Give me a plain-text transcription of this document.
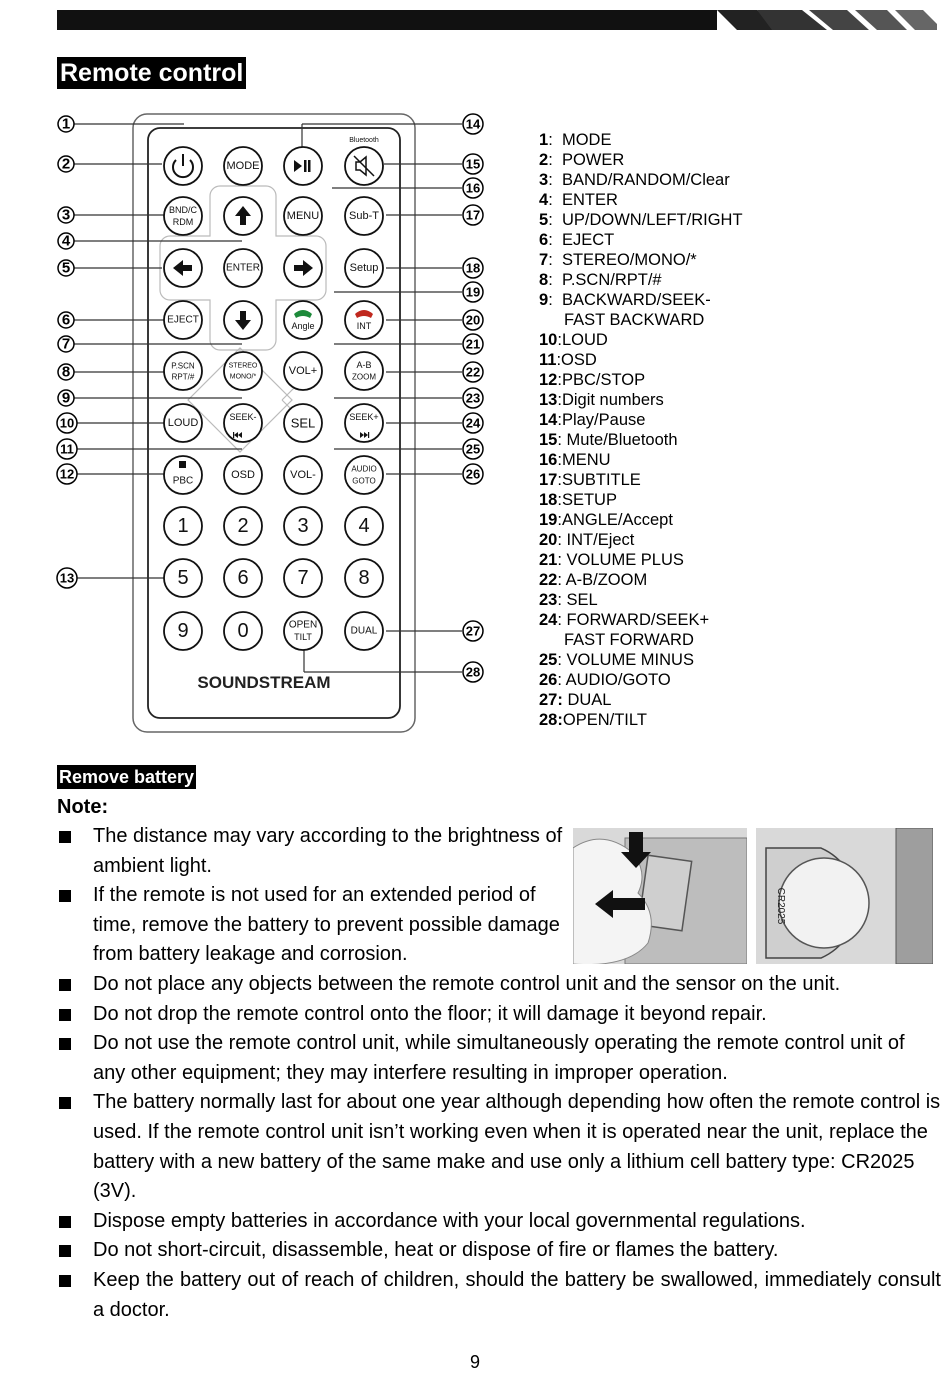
Remote control
1
2
3
4
5
6
7
8
9
10
11
12
13
14
15
16
17
18
19
20
21
22
23
24
25
26
27
28
Bluetooth
MODE
BND/C
RDM	MENU	Sub-T
ENTER	Setup
EJECT
Angle	INT
P.SCN
RPT/#
STEREO
MONO/*	VOL+	A-B
ZOOM
LOUD	SEEK-	SEL	SEEK+
PBC	OSD	VOL-	AUDIO
GOTO
1 2 3 4
5 6 7 8
9 0	OPEN
TILT
DUAL
SOUNDSTREAM
1:  MODE
2:  POWER
3:  BAND/RANDOM/Clear
4:  ENTER
5:  UP/DOWN/LEFT/RIGHT
6:  EJECT
7:  STEREO/MONO/*
8:  P.SCN/RPT/#
9:  BACKWARD/SEEK-
FAST BACKWARD
10:LOUD
11:OSD
12:PBC/STOP
13:Digit numbers
14:Play/Pause
15: Mute/Bluetooth
16:MENU
17:SUBTITLE
18:SETUP
19:ANGLE/Accept
20: INT/Eject
21: VOLUME PLUS
22: A-B/ZOOM
23: SEL
24: FORWARD/SEEK+
FAST FORWARD
25: VOLUME MINUS
26: AUDIO/GOTO
27: DUAL
28:OPEN/TILT
Remove battery
Note:
The distance may vary according to the brightness of ambient light.
If the remote is not used for an extended period of time, remove the battery to prevent possible damage from battery leakage and corrosion.
Do not place any objects between the remote control unit and the sensor on the unit.
Do not drop the remote control onto the floor; it will damage it beyond repair.
Do not use the remote control unit, while simultaneously operating the remote control unit of any other equipment; they may interfere resulting in improper operation.
The battery normally last for about one year although depending how often the remote control is used. If the remote control unit isn’t working even when it is operated near the unit, replace the battery with a new battery of the same make and use only a lithium cell battery type: CR2025 (3V).
Dispose empty batteries in accordance with your local governmental regulations.
Do not short-circuit, disassemble, heat or dispose of fire or flames the battery.
Keep the battery out of reach of children, should the battery be swallowed, immediately consult a doctor.
CR2025
9
